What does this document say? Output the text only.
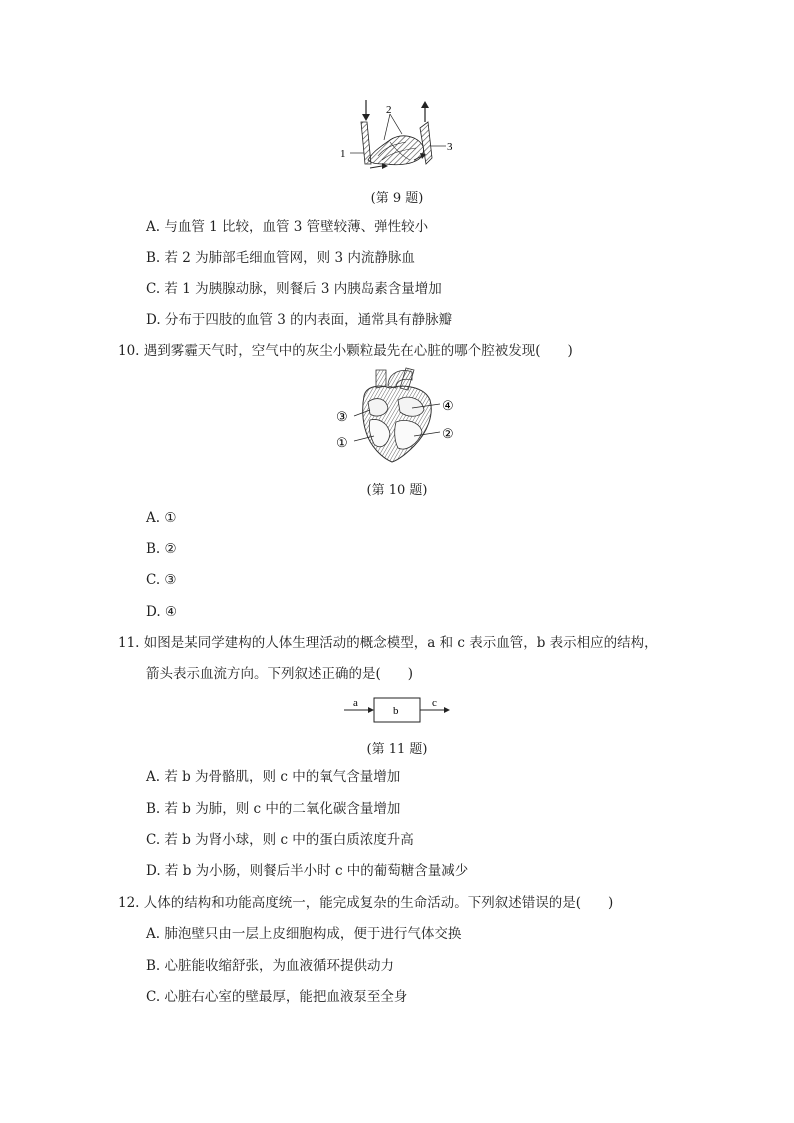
1
2
3
(第 9 题)
A. 与血管 1 比较，血管 3 管壁较薄、弹性较小
B. 若 2 为肺部毛细血管网，则 3 内流静脉血
C. 若 1 为胰腺动脉，则餐后 3 内胰岛素含量增加
D. 分布于四肢的血管 3 的内表面，通常具有静脉瓣
10. 遇到雾霾天气时，空气中的灰尘小颗粒最先在心脏的哪个腔被发现(　　)
③
①
④
②
(第 10 题)
A. ①
B. ②
C. ③
D. ④
11. 如图是某同学建构的人体生理活动的概念模型，a 和 c 表示血管，b 表示相应的结构，
箭头表示血流方向。下列叙述正确的是(　　)
a
b
c
(第 11 题)
A. 若 b 为骨骼肌，则 c 中的氧气含量增加
B. 若 b 为肺，则 c 中的二氧化碳含量增加
C. 若 b 为肾小球，则 c 中的蛋白质浓度升高
D. 若 b 为小肠，则餐后半小时 c 中的葡萄糖含量减少
12. 人体的结构和功能高度统一，能完成复杂的生命活动。下列叙述错误的是(　　)
A. 肺泡壁只由一层上皮细胞构成，便于进行气体交换
B. 心脏能收缩舒张，为血液循环提供动力
C. 心脏右心室的壁最厚，能把血液泵至全身
